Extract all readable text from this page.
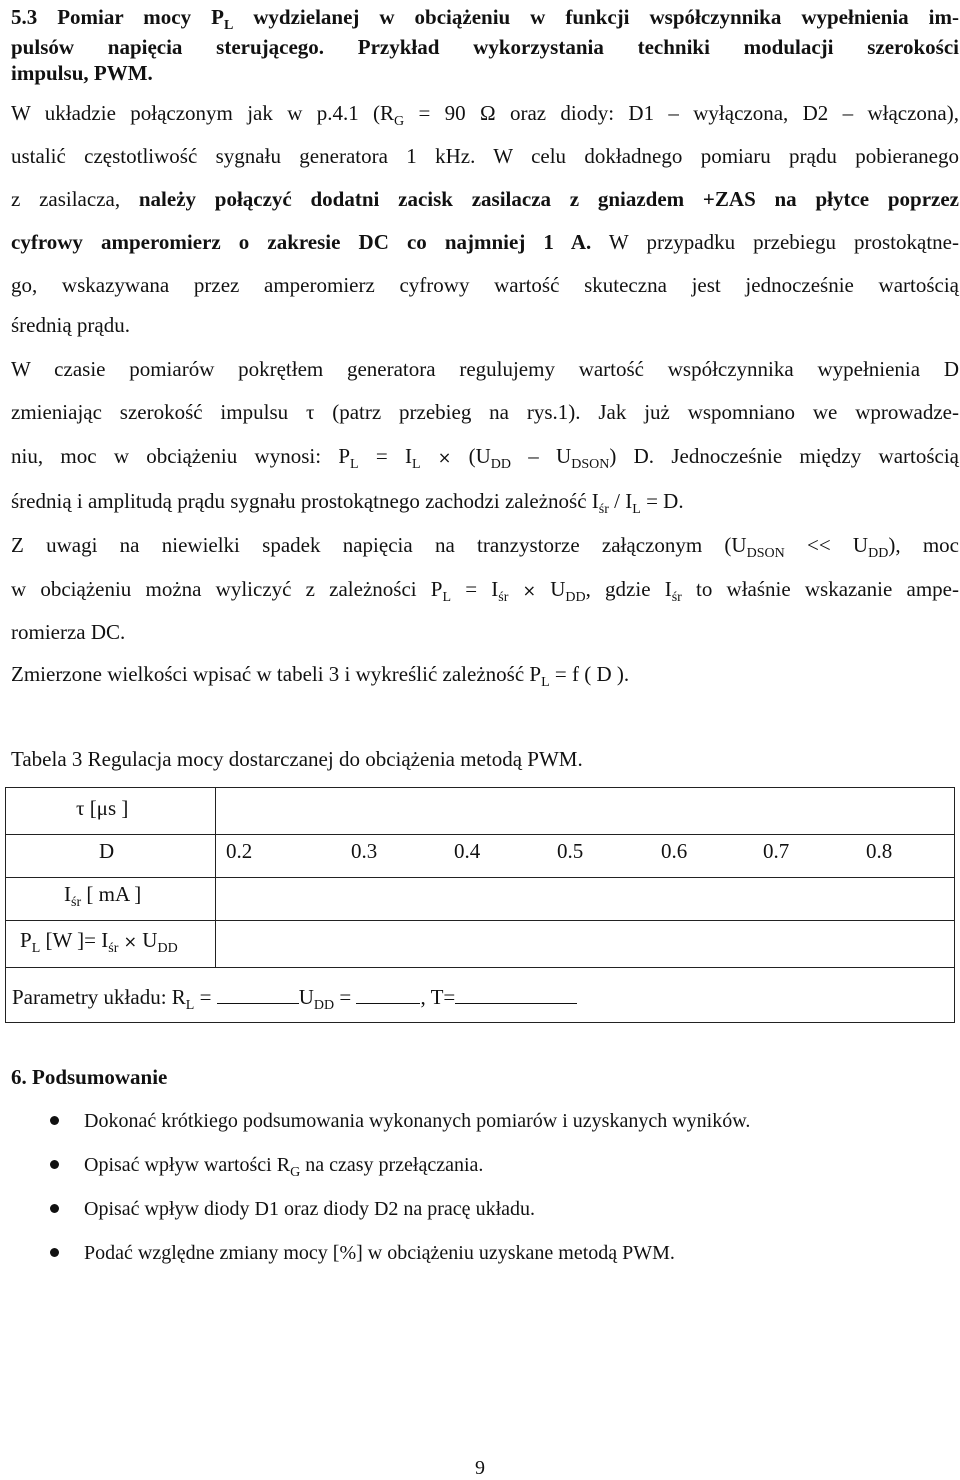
5.3 Pomiar mocy $P_L$ wydzielanej w obciążeniu w funkcji współczynnika wypełnienia im-
pulsów napięcia sterującego. Przykład wykorzystania techniki modulacji szerokości
impulsu, PWM.
W układzie połączonym jak w p.4.1 ($R_G = 90$ Ω oraz diody: D1 – wyłączona, D2 – włączona),
ustalić częstotliwość sygnału generatora 1 kHz. W celu dokładnego pomiaru prądu pobieranego
z zasilacza, należy połączyć dodatni zacisk zasilacza z gniazdem +ZAS na płytce poprzez
cyfrowy amperomierz o zakresie DC co najmniej 1 A. W przypadku przebiegu prostokątne-
go, wskazywana przez amperomierz cyfrowy wartość skuteczna jest jednocześnie wartością
średnią prądu.
W czasie pomiarów pokrętłem generatora regulujemy wartość współczynnika wypełnienia D
zmieniając szerokość impulsu τ (patrz przebieg na rys.1). Jak już wspomniano we wprowadze-
niu, moc w obciążeniu wynosi: $P_L = I_L \times (U_{DD} - U_{DSON})$ D. Jednocześnie między wartością
średnią i amplitudą prądu sygnału prostokątnego zachodzi zależność $I_{śr} / I_L = D$.
Z uwagi na niewielki spadek napięcia na tranzystorze załączonym $(U_{DSON} << U_{DD})$, moc
w obciążeniu można wyliczyć z zależności $P_L = I_{śr} \times U_{DD}$, gdzie $I_{śr}$ to właśnie wskazanie ampe-
romierza DC.
Zmierzone wielkości wpisać w tabeli 3 i wykreślić zależność $P_L = f$ ( D ).
Tabela 3 Regulacja mocy dostarczanej do obciążenia metodą PWM.
τ [μs ]
D	0.2	0.3	0.4	0.5	0.6	0.7	0.8
$I_{śr}$ [ mA ]
$P_L$ [W ]= $I_{śr} \times U_{DD}$
Parametry układu: $R_L$ =	$U_{DD}$ =	, T=
6. Podsumowanie
Dokonać krótkiego podsumowania wykonanych pomiarów i uzyskanych wyników.
Opisać wpływ wartości $R_G$ na czasy przełączania.
Opisać wpływ diody D1 oraz diody D2 na pracę układu.
Podać względne zmiany mocy [%] w obciążeniu uzyskane metodą PWM.
9
